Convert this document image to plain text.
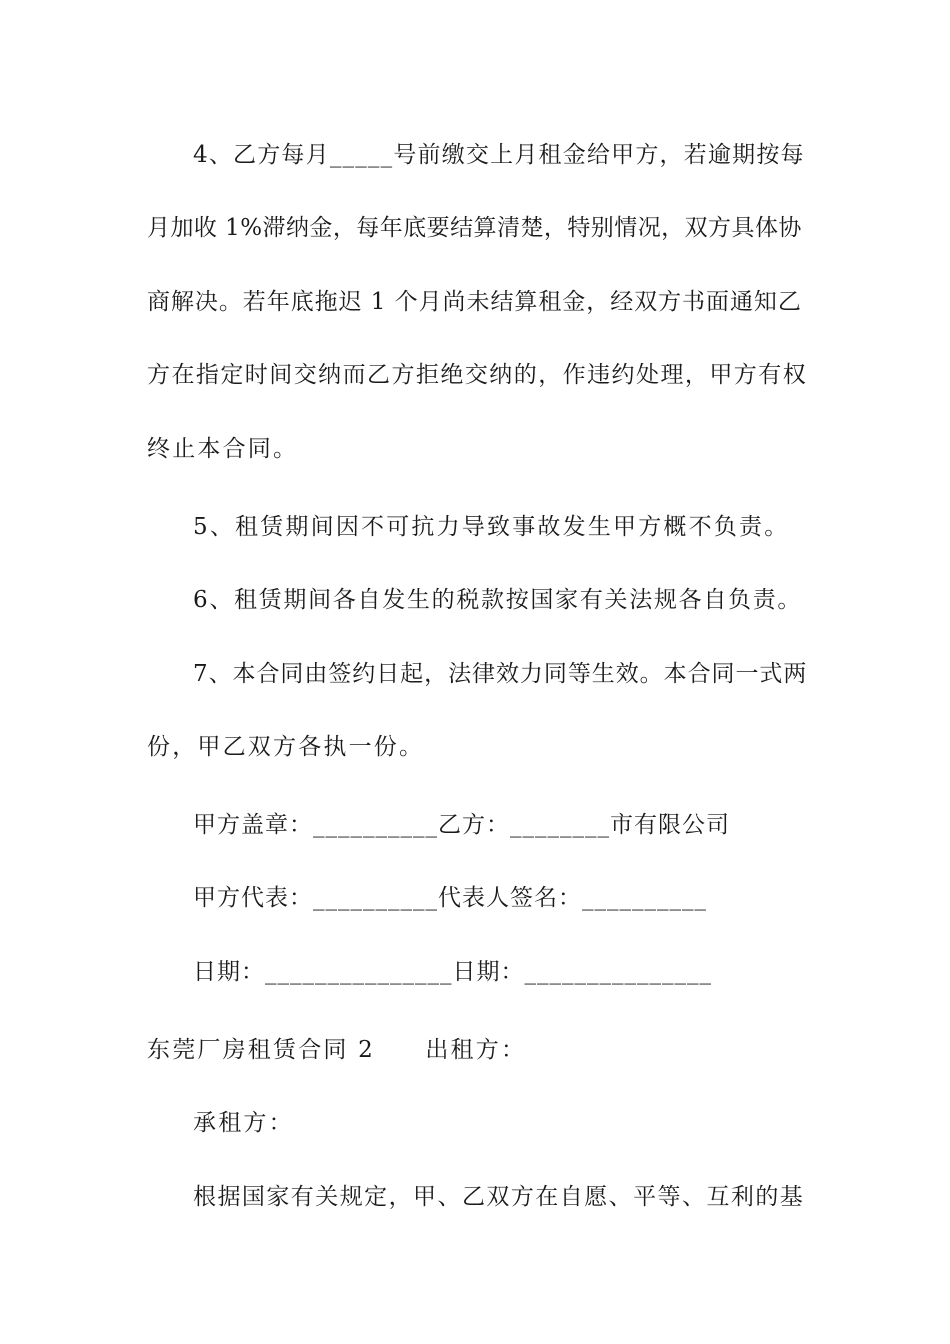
4、乙方每月_____号前缴交上月租金给甲方，若逾期按每
月加收 1%滞纳金，每年底要结算清楚，特别情况，双方具体协
商解决。若年底拖迟 1 个月尚未结算租金，经双方书面通知乙
方在指定时间交纳而乙方拒绝交纳的，作违约处理，甲方有权
终止本合同。
5、租赁期间因不可抗力导致事故发生甲方概不负责。
6、租赁期间各自发生的税款按国家有关法规各自负责。
7、本合同由签约日起，法律效力同等生效。本合同一式两
份，甲乙双方各执一份。
甲方盖章：__________乙方：________市有限公司
甲方代表：__________代表人签名：__________
日期：_______________日期：_______________
东莞厂房租赁合同 2　　出租方：
承租方：
根据国家有关规定，甲、乙双方在自愿、平等、互利的基
